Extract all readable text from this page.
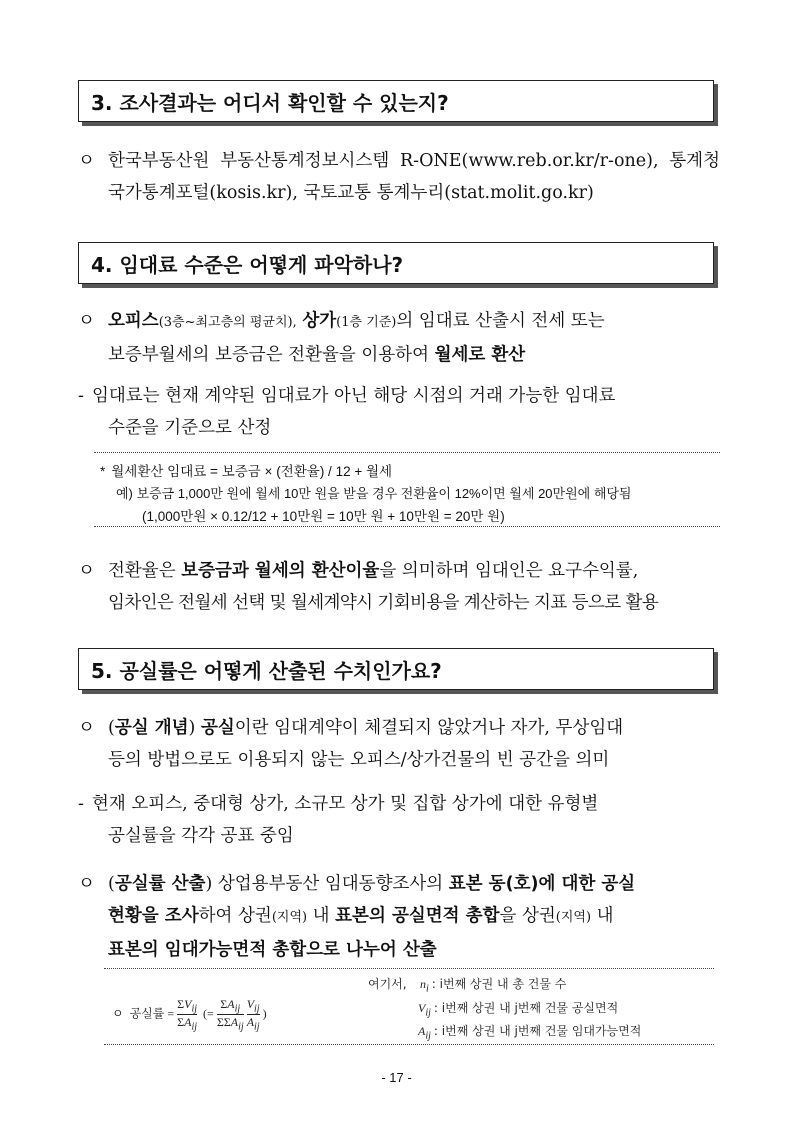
3. 조사결과는 어디서 확인할 수 있는지?
ㅇ 한국부동산원 부동산통계정보시스템 R-ONE(www.reb.or.kr/r-one), 통계청
국가통계포털(kosis.kr), 국토교통 통계누리(stat.molit.go.kr)
4. 임대료 수준은 어떻게 파악하나?
ㅇ 오피스(3층~최고층의 평균치), 상가(1층 기준)의 임대료 산출시 전세 또는
보증부월세의 보증금은 전환율을 이용하여
월세로 환산
- 임대료는 현재 계약된 임대료가 아닌 해당 시점의 거래 가능한 임대료
수준을 기준으로 산정
* 월세환산 임대료 = 보증금 × (전환율) / 12 + 월세
예) 보증금 1,000만 원에 월세 10만 원을 받을 경우 전환율이 12%이면 월세 20만원에 해당됨
(1,000만원 × 0.12/12 + 10만원 = 10만 원 + 10만원 = 20만 원)
ㅇ 전환율은 보증금과 월세의 환산이율을 의미하며 임대인은 요구수익률,
임차인은 전월세 선택 및 월세계약시 기회비용을 계산하는 지표 등으로 활용
5. 공실률은 어떻게 산출된 수치인가요?
ㅇ (공실 개념) 공실이란 임대계약이 체결되지 않았거나 자가, 무상임대
등의 방법으로도 이용되지 않는 오피스/상가건물의 빈 공간을 의미
- 현재 오피스, 중대형 상가, 소규모 상가 및 집합 상가에 대한 유형별
공실률을 각각 공표 중임
ㅇ (공실률 산출) 상업용부동산 임대동향조사의 표본 동(호)에 대한 공실
현황을 조사하여 상권(지역) 내 표본의 공실면적 총합을 상권(지역) 내
표본의 임대가능면적 총합으로 나누어 산출
ㅇ 공실률 = $\frac{\Sigma V_{ij}}{\Sigma A_{ij}}$ (= $\frac{\Sigma A_{ij}}{\Sigma\Sigma A_{ij}}$
$\frac{V_{ij}}{A_{ij}}$ )
여기서, $n_i$ : i번째 상권 내 총 건물 수
$V_{ij}$ : i번째 상권 내 j번째 건물 공실면적
$A_{ij}$ : i번째 상권 내 j번째 건물 임대가능면적
- 17 -
